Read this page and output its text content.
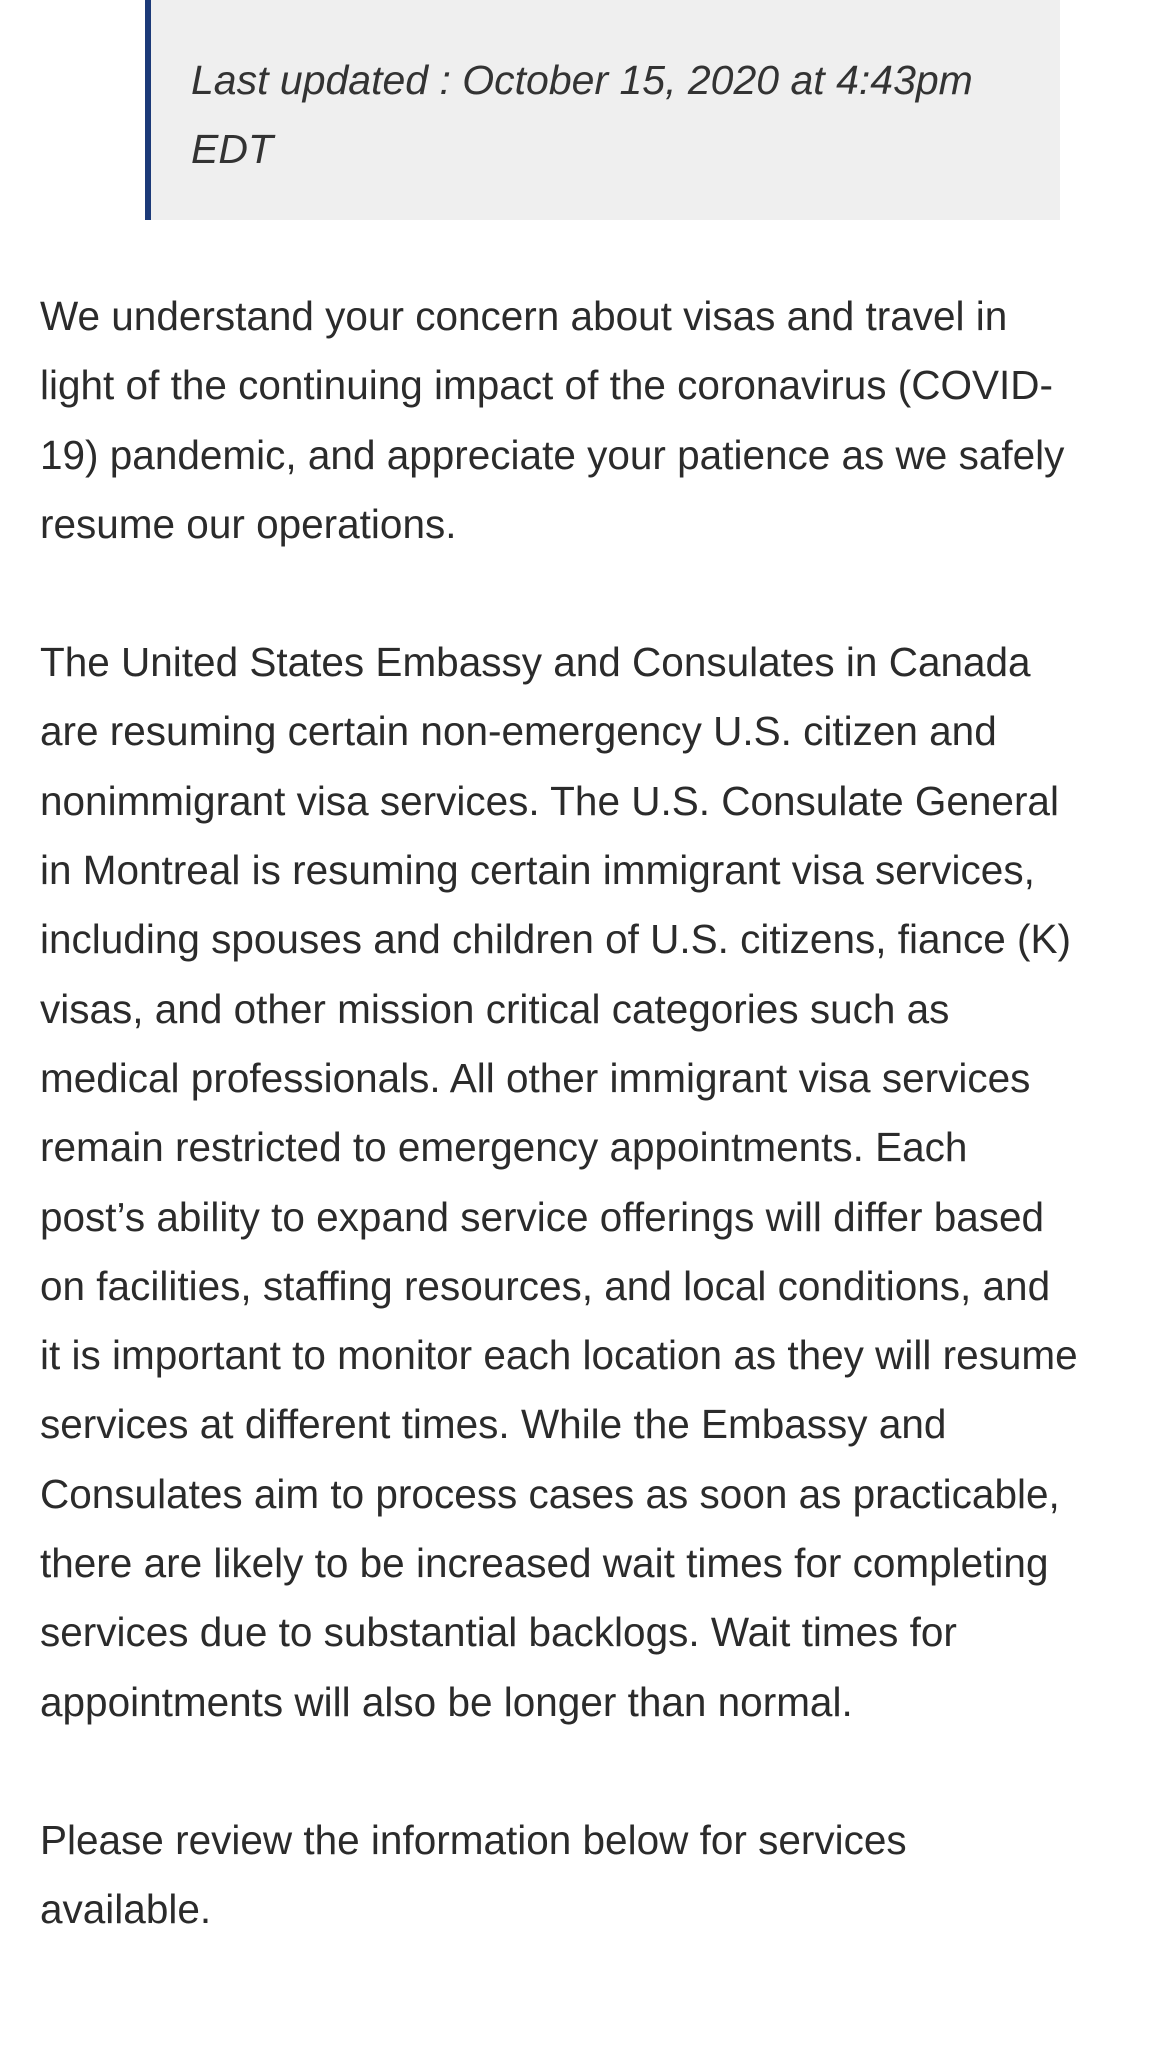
Last updated : October 15, 2020 at 4:43pm EDT

We understand your concern about visas and travel in light of the continuing impact of the coronavirus (COVID-19) pandemic, and appreciate your patience as we safely resume our operations.

The United States Embassy and Consulates in Canada are resuming certain non-emergency U.S. citizen and nonimmigrant visa services. The U.S. Consulate General in Montreal is resuming certain immigrant visa services, including spouses and children of U.S. citizens, fiance (K) visas, and other mission critical categories such as medical professionals. All other immigrant visa services remain restricted to emergency appointments. Each post’s ability to expand service offerings will differ based on facilities, staffing resources, and local conditions, and it is important to monitor each location as they will resume services at different times. While the Embassy and Consulates aim to process cases as soon as practicable, there are likely to be increased wait times for completing services due to substantial backlogs. Wait times for appointments will also be longer than normal.

Please review the information below for services available.
